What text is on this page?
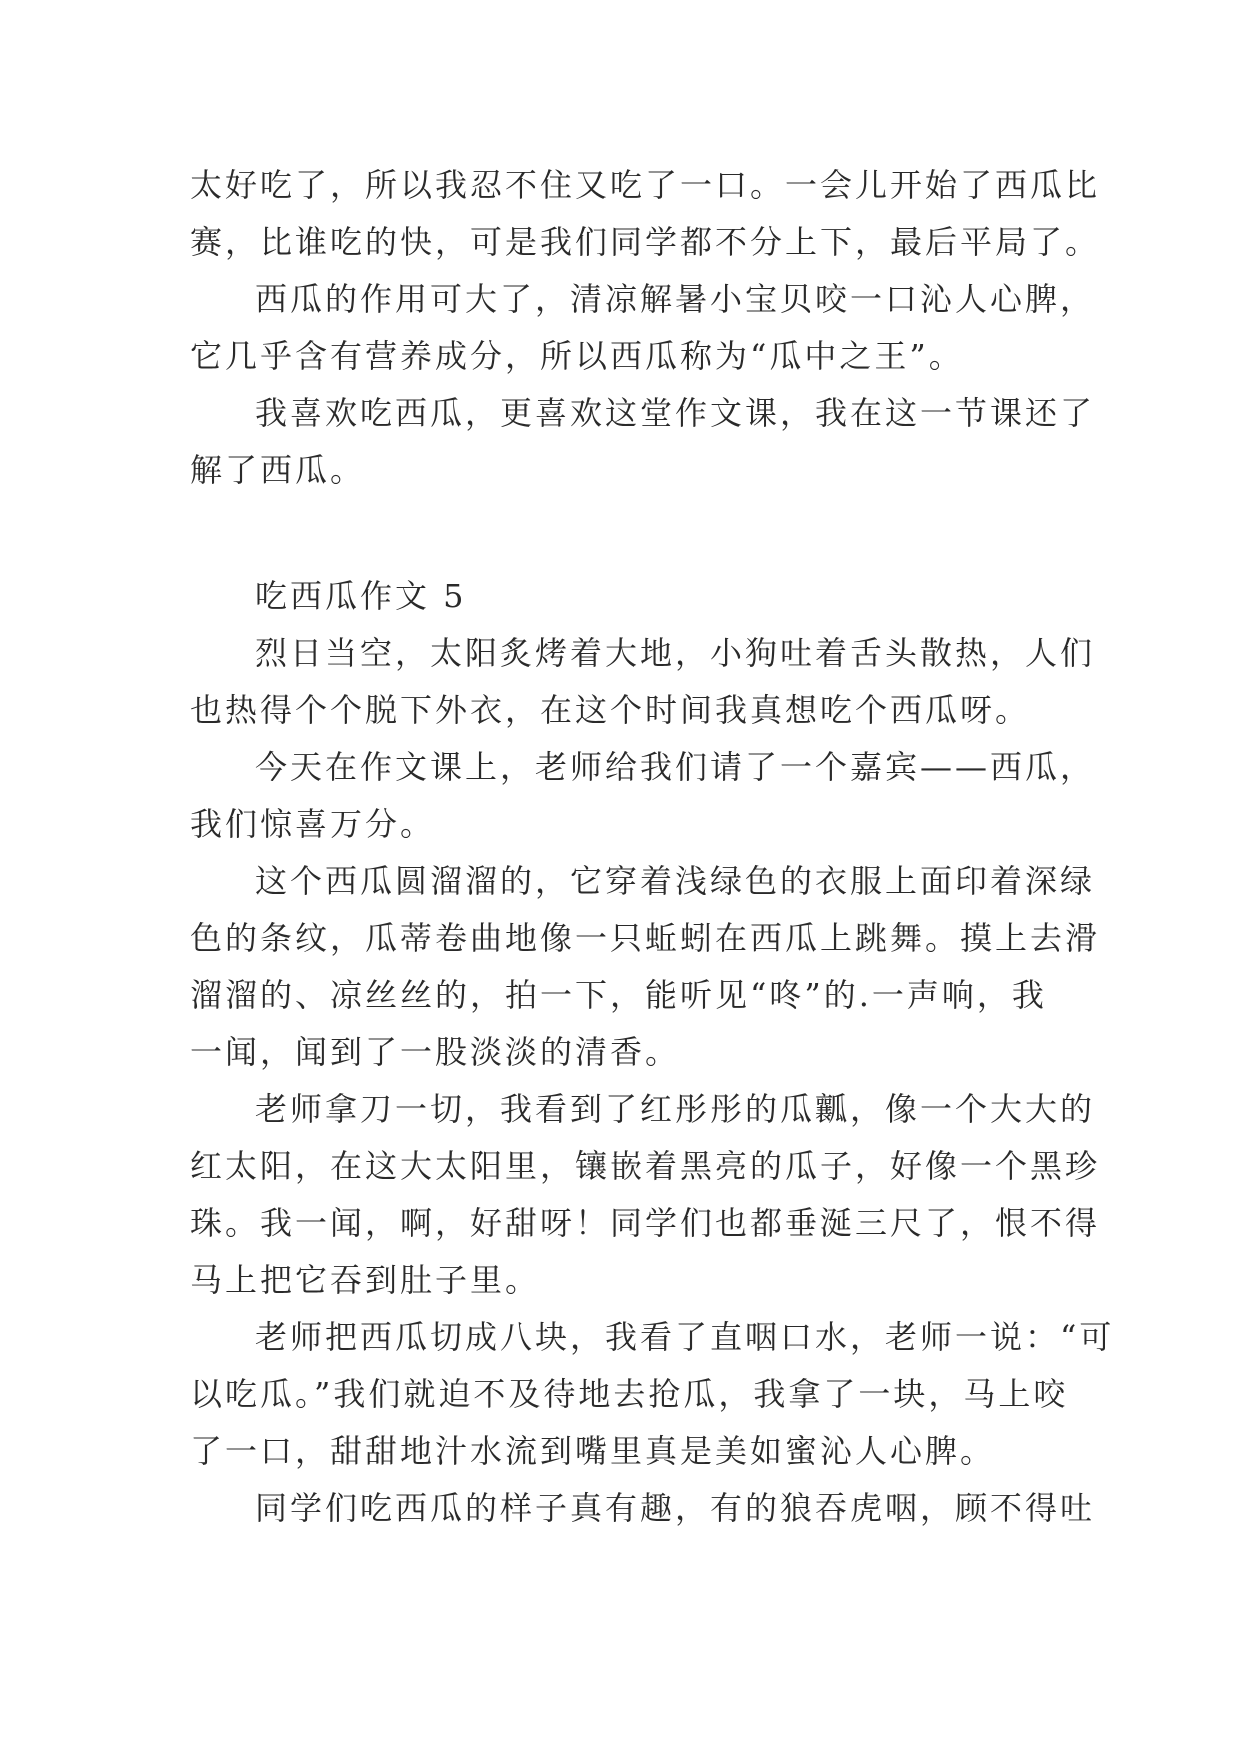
太好吃了，所以我忍不住又吃了一口。一会儿开始了西瓜比
赛，比谁吃的快，可是我们同学都不分上下，最后平局了。
西瓜的作用可大了，清凉解暑小宝贝咬一口沁人心脾，
它几乎含有营养成分，所以西瓜称为“瓜中之王”。
我喜欢吃西瓜，更喜欢这堂作文课，我在这一节课还了
解了西瓜。
吃西瓜作文 5
烈日当空，太阳炙烤着大地，小狗吐着舌头散热，人们
也热得个个脱下外衣，在这个时间我真想吃个西瓜呀。
今天在作文课上，老师给我们请了一个嘉宾——西瓜，
我们惊喜万分。
这个西瓜圆溜溜的，它穿着浅绿色的衣服上面印着深绿
色的条纹，瓜蒂卷曲地像一只蚯蚓在西瓜上跳舞。摸上去滑
溜溜的、凉丝丝的，拍一下，能听见“咚”的.一声响，我
一闻，闻到了一股淡淡的清香。
老师拿刀一切，我看到了红彤彤的瓜瓤，像一个大大的
红太阳，在这大太阳里，镶嵌着黑亮的瓜子，好像一个黑珍
珠。我一闻，啊，好甜呀！同学们也都垂涎三尺了，恨不得
马上把它吞到肚子里。
老师把西瓜切成八块，我看了直咽口水，老师一说：“可
以吃瓜。”我们就迫不及待地去抢瓜，我拿了一块，马上咬
了一口，甜甜地汁水流到嘴里真是美如蜜沁人心脾。
同学们吃西瓜的样子真有趣，有的狼吞虎咽，顾不得吐
